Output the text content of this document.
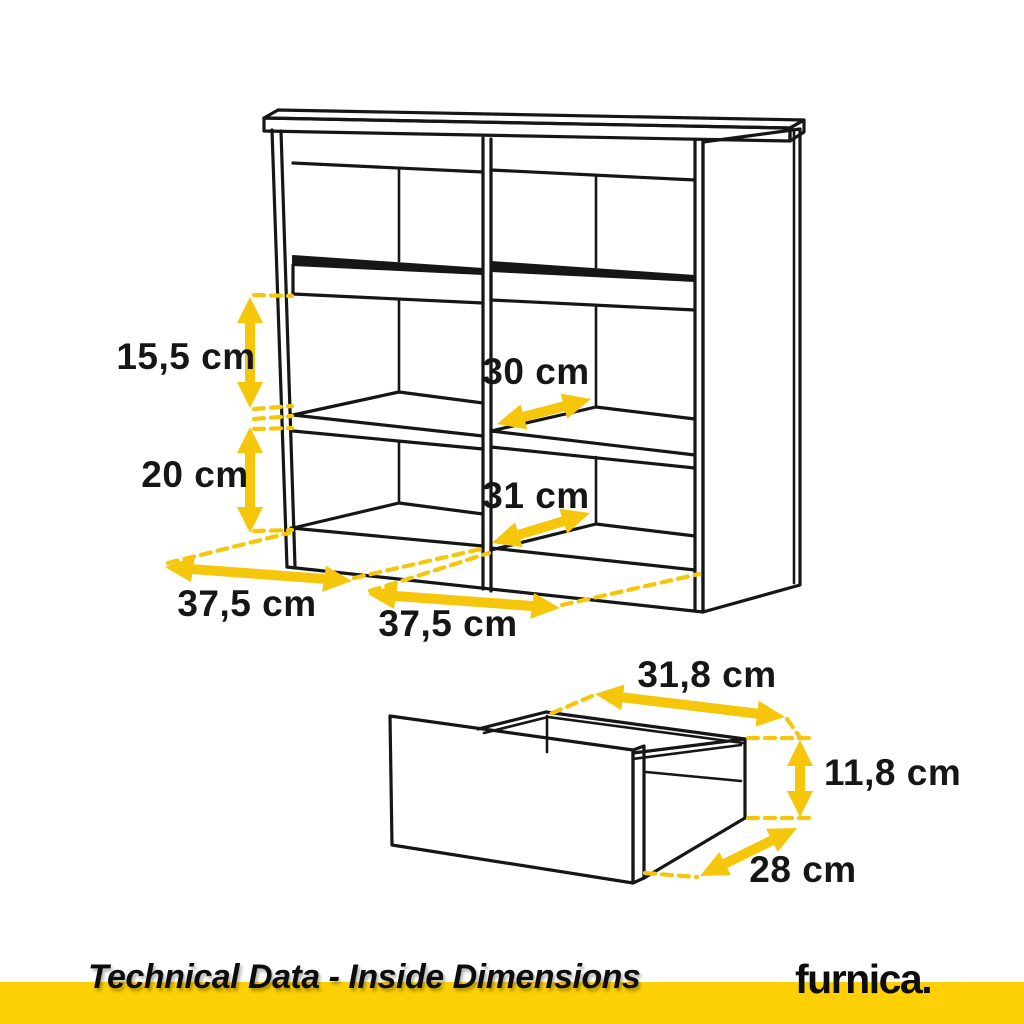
15,5 cm
20 cm
30 cm
31 cm
37,5 cm 37,5 cm
31,8 cm
11,8 cm
28 cm
Technical Data - Inside Dimensions	furnica.
